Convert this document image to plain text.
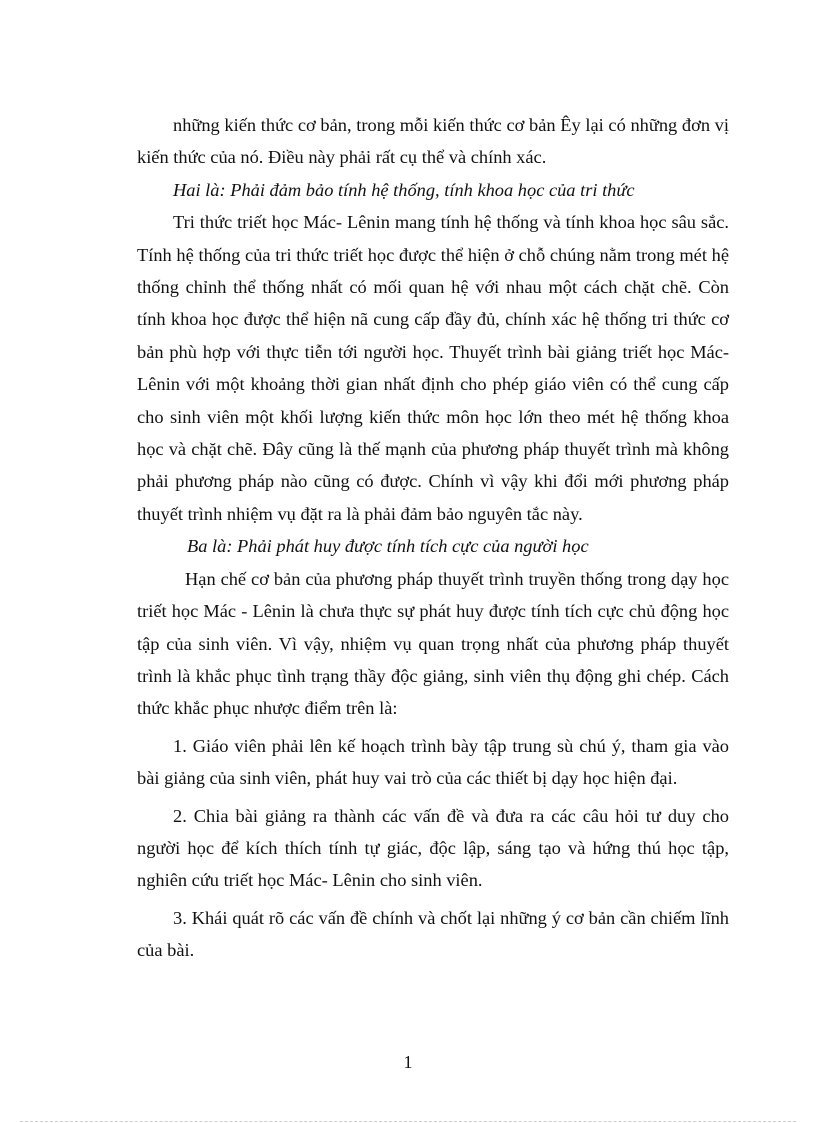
những kiến thức cơ bản, trong mỗi kiến thức cơ bản Êy lại có những đơn vị kiến thức của nó. Điều này phải rất cụ thể và chính xác.

Hai là: Phải đảm bảo tính hệ thống, tính khoa học của tri thức

Tri thức triết học Mác- Lênin mang tính hệ thống và tính khoa học sâu sắc. Tính hệ thống của tri thức triết học được thể hiện ở chỗ chúng nằm trong mét hệ thống chỉnh thể thống nhất có mối quan hệ với nhau một cách chặt chẽ. Còn tính khoa học được thể hiện nã cung cấp đầy đủ, chính xác hệ thống tri thức cơ bản phù hợp với thực tiễn tới người học. Thuyết trình bài giảng triết học Mác- Lênin với một khoảng thời gian nhất định cho phép giáo viên có thể cung cấp cho sinh viên một khối lượng kiến thức môn học lớn theo mét hệ thống khoa học và chặt chẽ. Đây cũng là thế mạnh của phương pháp thuyết trình mà không phải phương pháp nào cũng có được. Chính vì vậy khi đổi mới phương pháp thuyết trình nhiệm vụ đặt ra là phải đảm bảo nguyên tắc này.

Ba là: Phải phát huy được tính tích cực của người học

Hạn chế cơ bản của phương pháp thuyết trình truyền thống trong dạy học triết học Mác - Lênin là chưa thực sự phát huy được tính tích cực chủ động học tập của sinh viên. Vì vậy, nhiệm vụ quan trọng nhất của phương pháp thuyết trình là khắc phục tình trạng thầy độc giảng, sinh viên thụ động ghi chép. Cách thức khắc phục nhược điểm trên là:

1. Giáo viên phải lên kế hoạch trình bày tập trung sù chú ý, tham gia vào bài giảng của sinh viên, phát huy vai trò của các thiết bị dạy học hiện đại.

2. Chia bài giảng ra thành các vấn đề và đưa ra các câu hỏi tư duy cho người học để kích thích tính tự giác, độc lập, sáng tạo và hứng thú học tập, nghiên cứu triết học Mác- Lênin cho sinh viên.

3. Khái quát rõ các vấn đề chính và chốt lại những ý cơ bản cần chiếm lĩnh của bài.

1
